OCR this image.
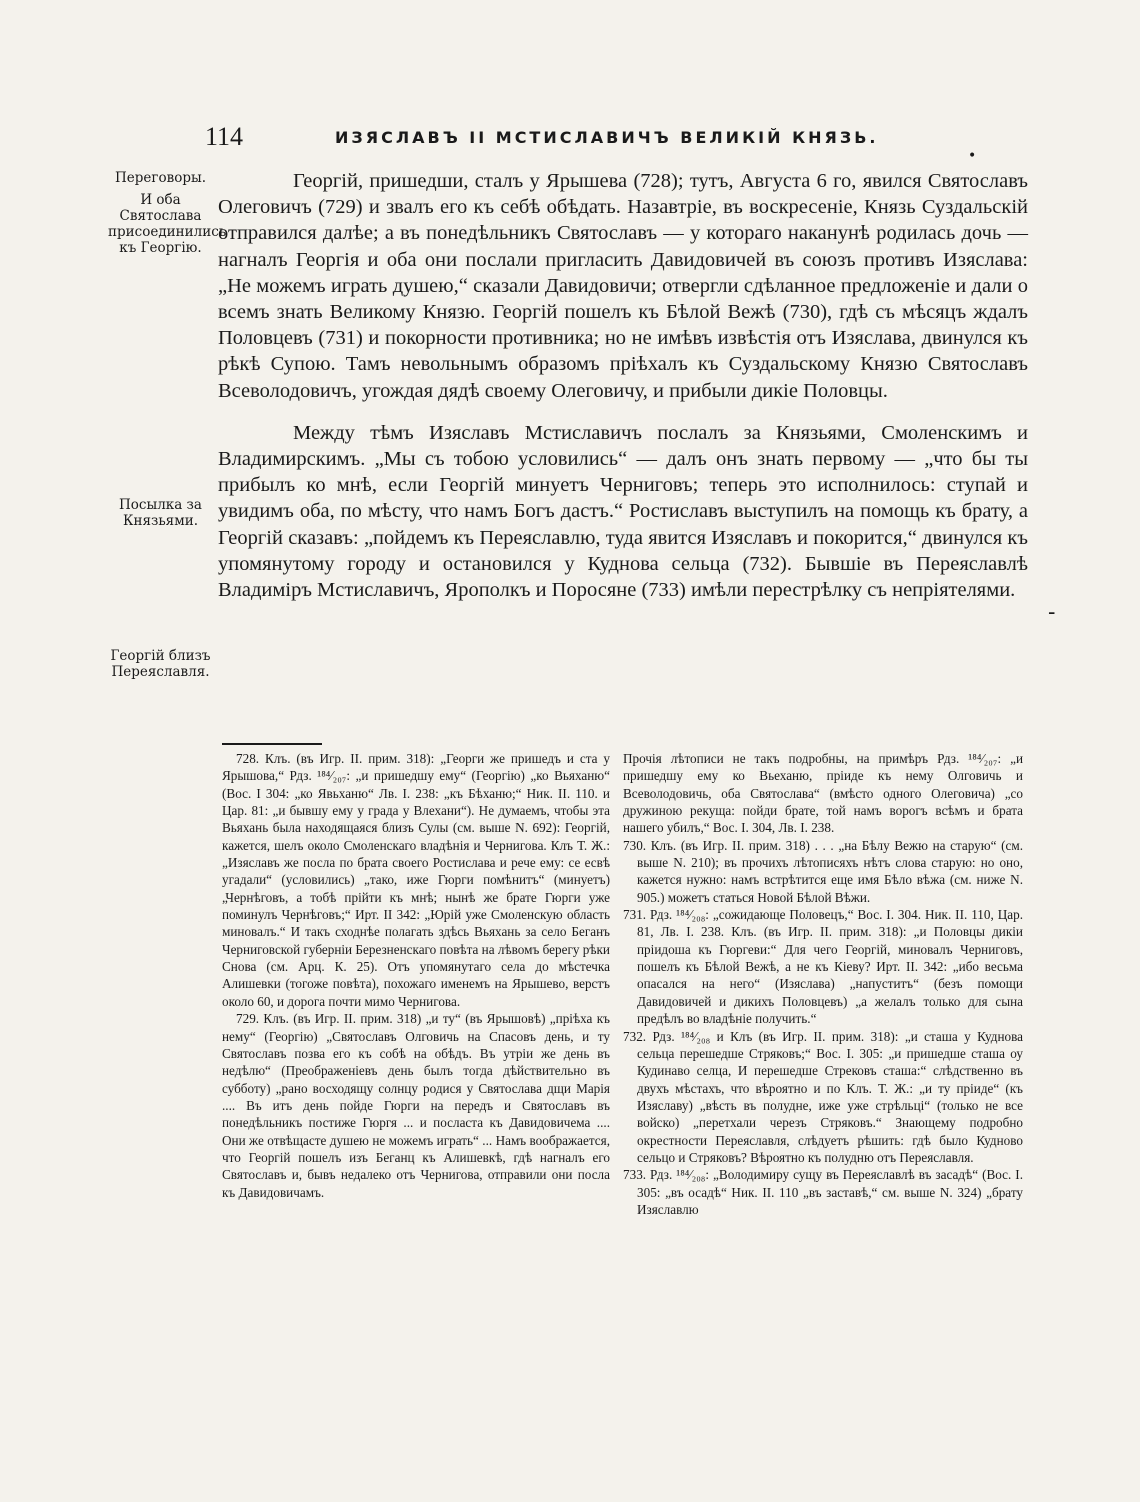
114	ИЗЯСЛАВЪ II МСТИСЛАВИЧЪ ВЕЛИКІЙ КНЯЗЬ.
•
Переговоры.
И оба Святослава присоединились къ Георгію.
Посылка за Князьями.
Георгій близъ Переяславля.

Георгій, пришедши, сталъ у Ярышева (728); тутъ, Августа 6 го, явился Святославъ Олеговичъ (729) и звалъ его къ себѣ обѣдать. Назавтріе, въ воскресеніе, Князь Суздальскій отправился далѣе; а въ понедѣльникъ Святославъ — у котораго наканунѣ родилась дочь — нагналъ Георгія и оба они послали пригласить Давидовичей въ союзъ противъ Изяслава: „Не можемъ играть душею,“ сказали Давидовичи; отвергли сдѣланное предложеніе и дали о всемъ знать Великому Князю. Георгій пошелъ къ Бѣлой Вежѣ (730), гдѣ съ мѣсяцъ ждалъ Половцевъ (731) и покорности противника; но не имѣвъ извѣстія отъ Изяслава, двинулся къ рѣкѣ Супою. Тамъ невольнымъ образомъ пріѣхалъ къ Суздальскому Князю Святославъ Всеволодовичъ, угождая дядѣ своему Олеговичу, и прибыли дикіе Половцы.

Между тѣмъ Изяславъ Мстиславичъ послалъ за Князьями, Смоленскимъ и Владимирскимъ. „Мы съ тобою условились“ — далъ онъ знать первому — „что бы ты прибылъ ко мнѣ, если Георгій минуетъ Черниговъ; теперь это исполнилось: ступай и увидимъ оба, по мѣсту, что намъ Богъ дастъ.“ Ростиславъ выступилъ на помощь къ брату, а Георгій сказавъ: „пойдемъ къ Переяславлю, туда явится Изяславъ и покорится,“ двинулся къ упомянутому городу и остановился у Куднова сельца (732). Бывшіе въ Переяславлѣ Владиміръ Мстиславичъ, Ярополкъ и Поросяне (733) имѣли перестрѣлку съ непріятелями.

-

728. Клъ. (въ Игр. II. прим. 318): „Георги же пришедъ и ста у Ярышова,“ Рдз. ¹⁸⁴⁄₂₀₇: „и пришедшу ему“ (Георгію) „ко Вьяханю“ (Вос. I 304: „ко Явьханю“ Лв. I. 238: „къ Бѣханю;“ Ник. II. 110. и Цар. 81: „и бывшу ему у града у Влехани“). Не думаемъ, чтобы эта Вьяхань была находящаяся близъ Сулы (см. выше N. 692): Георгій, кажется, шелъ около Смоленскаго владѣнія и Чернигова. Клъ Т. Ж.: „Изяславъ же посла по брата своего Ростислава и рече ему: се есвѣ угадали“ (условились) „тако, иже Гюрги помѣнитъ“ (минуетъ) „Чернѣговъ, а тобѣ прійти къ мнѣ; нынѣ же брате Гюрги уже поминулъ Чернѣговъ;“ Ирт. II 342: „Юрій уже Смоленскую область миновалъ.“ И такъ сходнѣе полагать здѣсь Вьяхань за село Беганъ Черниговской губерніи Березненскаго повѣта на лѣвомъ берегу рѣки Снова (см. Арц. К. 25). Отъ упомянутаго села до мѣстечка Алишевки (тогоже повѣта), похожаго именемъ на Ярышево, верстъ около 60, и дорога почти мимо Чернигова.

729. Клъ. (въ Игр. II. прим. 318) „и ту“ (въ Ярышовѣ) „пріѣха къ нему“ (Георгію) „Святославъ Олговичь на Спасовъ день, и ту Святославъ позва его къ собѣ на обѣдъ. Въ утріи же день въ недѣлю“ (Преображеніевъ день былъ тогда дѣйствительно въ субботу) „рано восходящу солнцу родися у Святослава дщи Марія .... Въ итъ день пойде Гюрги на передъ и Святославъ въ понедѣльникъ постиже Гюргя ... и посласта къ Давидовичема .... Они же отвѣщасте душею не можемъ играть“ ... Намъ воображается, что Георгій пошелъ изъ Беганц къ Алишевкѣ, гдѣ нагналъ его Святославъ и, бывъ недалеко отъ Чернигова, отправили они посла къ Давидовичамъ.

Прочія лѣтописи не такъ подробны, на примѣръ Рдз. ¹⁸⁴⁄₂₀₇: „и пришедшу ему ко Вьеханю, пріиде къ нему Олговичь и Всеволодовичь, оба Святослава“ (вмѣсто одного Олеговича) „со дружиною рекуща: пойди брате, той намъ ворогъ всѣмъ и брата нашего убилъ,“ Вос. I. 304, Лв. I. 238.

730. Клъ. (въ Игр. II. прим. 318) . . . „на Бѣлу Вежю на старую“ (см. выше N. 210); въ прочихъ лѣтописяхъ нѣтъ слова старую: но оно, кажется нужно: намъ встрѣтится еще имя Бѣло вѣжа (см. ниже N. 905.) можетъ статься Новой Бѣлой Вѣжи.

731. Рдз. ¹⁸⁴⁄₂₀₈: „сожидающе Половецъ,“ Вос. I. 304. Ник. II. 110, Цар. 81, Лв. I. 238. Клъ. (въ Игр. II. прим. 318): „и Половцы дикіи пріидоша къ Гюргеви:“ Для чего Георгій, миновалъ Черниговъ, пошелъ къ Бѣлой Вежѣ, а не къ Кіеву? Ирт. II. 342: „ибо весьма опасался на него“ (Изяслава) „напуститъ“ (безъ помощи Давидовичей и дикихъ Половцевъ) „а желалъ только для сына предѣлъ во владѣніе получить.“

732. Рдз. ¹⁸⁴⁄₂₀₈ и Клъ (въ Игр. II. прим. 318): „и сташа у Куднова сельца перешедше Стряковъ;“ Вос. I. 305: „и пришедше сташа оу Кудинаво селца, И перешедше Стрековъ сташа:“ слѣдственно въ двухъ мѣстахъ, что вѣроятно и по Клъ. Т. Ж.: „и ту пріиде“ (къ Изяславу) „вѣсть въ полудне, иже уже стрѣльці“ (только не все войско) „перетхали черезъ Стряковъ.“ Знающему подробно окрестности Переяславля, слѣдуетъ рѣшить: гдѣ было Кудново сельцо и Стряковъ? Вѣроятно къ полудню отъ Переяславля.

733. Рдз. ¹⁸⁴⁄₂₀₈: „Володимиру сущу въ Переяславлѣ въ засадѣ“ (Вос. I. 305: „въ осадѣ“ Ник. II. 110 „въ заставѣ,“ см. выше N. 324) „брату Изяславлю
